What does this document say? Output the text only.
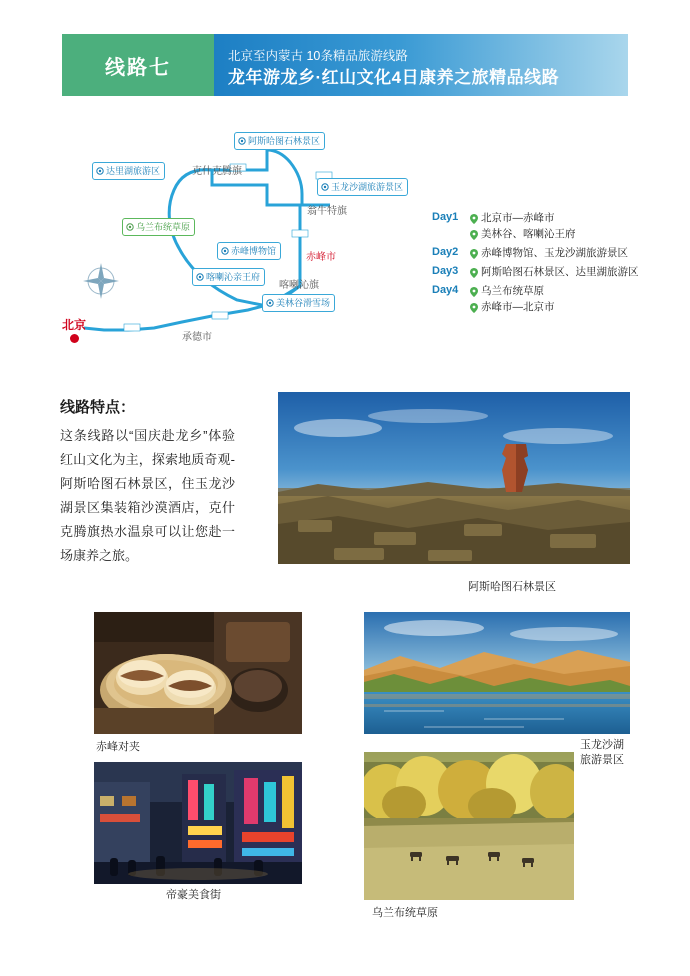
线路七
北京至内蒙古 10条精品旅游线路
龙年游龙乡·红山文化4日康养之旅精品线路
阿斯哈图石林景区
达里湖旅游区	克什克腾旗
玉龙沙湖旅游景区
翁牛特旗
乌兰布统草原
赤峰博物馆
赤峰市
喀喇沁亲王府
喀喇沁旗
美林谷滑雪场
承德市
北京
Day1	北京市—赤峰市
美林谷、喀喇沁王府
Day2	赤峰博物馆、玉龙沙湖旅游景区
Day3	阿斯哈图石林景区、达里湖旅游区
Day4	乌兰布统草原
赤峰市—北京市
线路特点：
这条线路以“国庆赴龙乡”体验红山文化为主，探索地质奇观-阿斯哈图石林景区，住玉龙沙湖景区集装箱沙漠酒店，克什克腾旗热水温泉可以让您赴一场康养之旅。
阿斯哈图石林景区
赤峰对夹	玉龙沙湖旅游景区
帝豪美食街
乌兰布统草原
